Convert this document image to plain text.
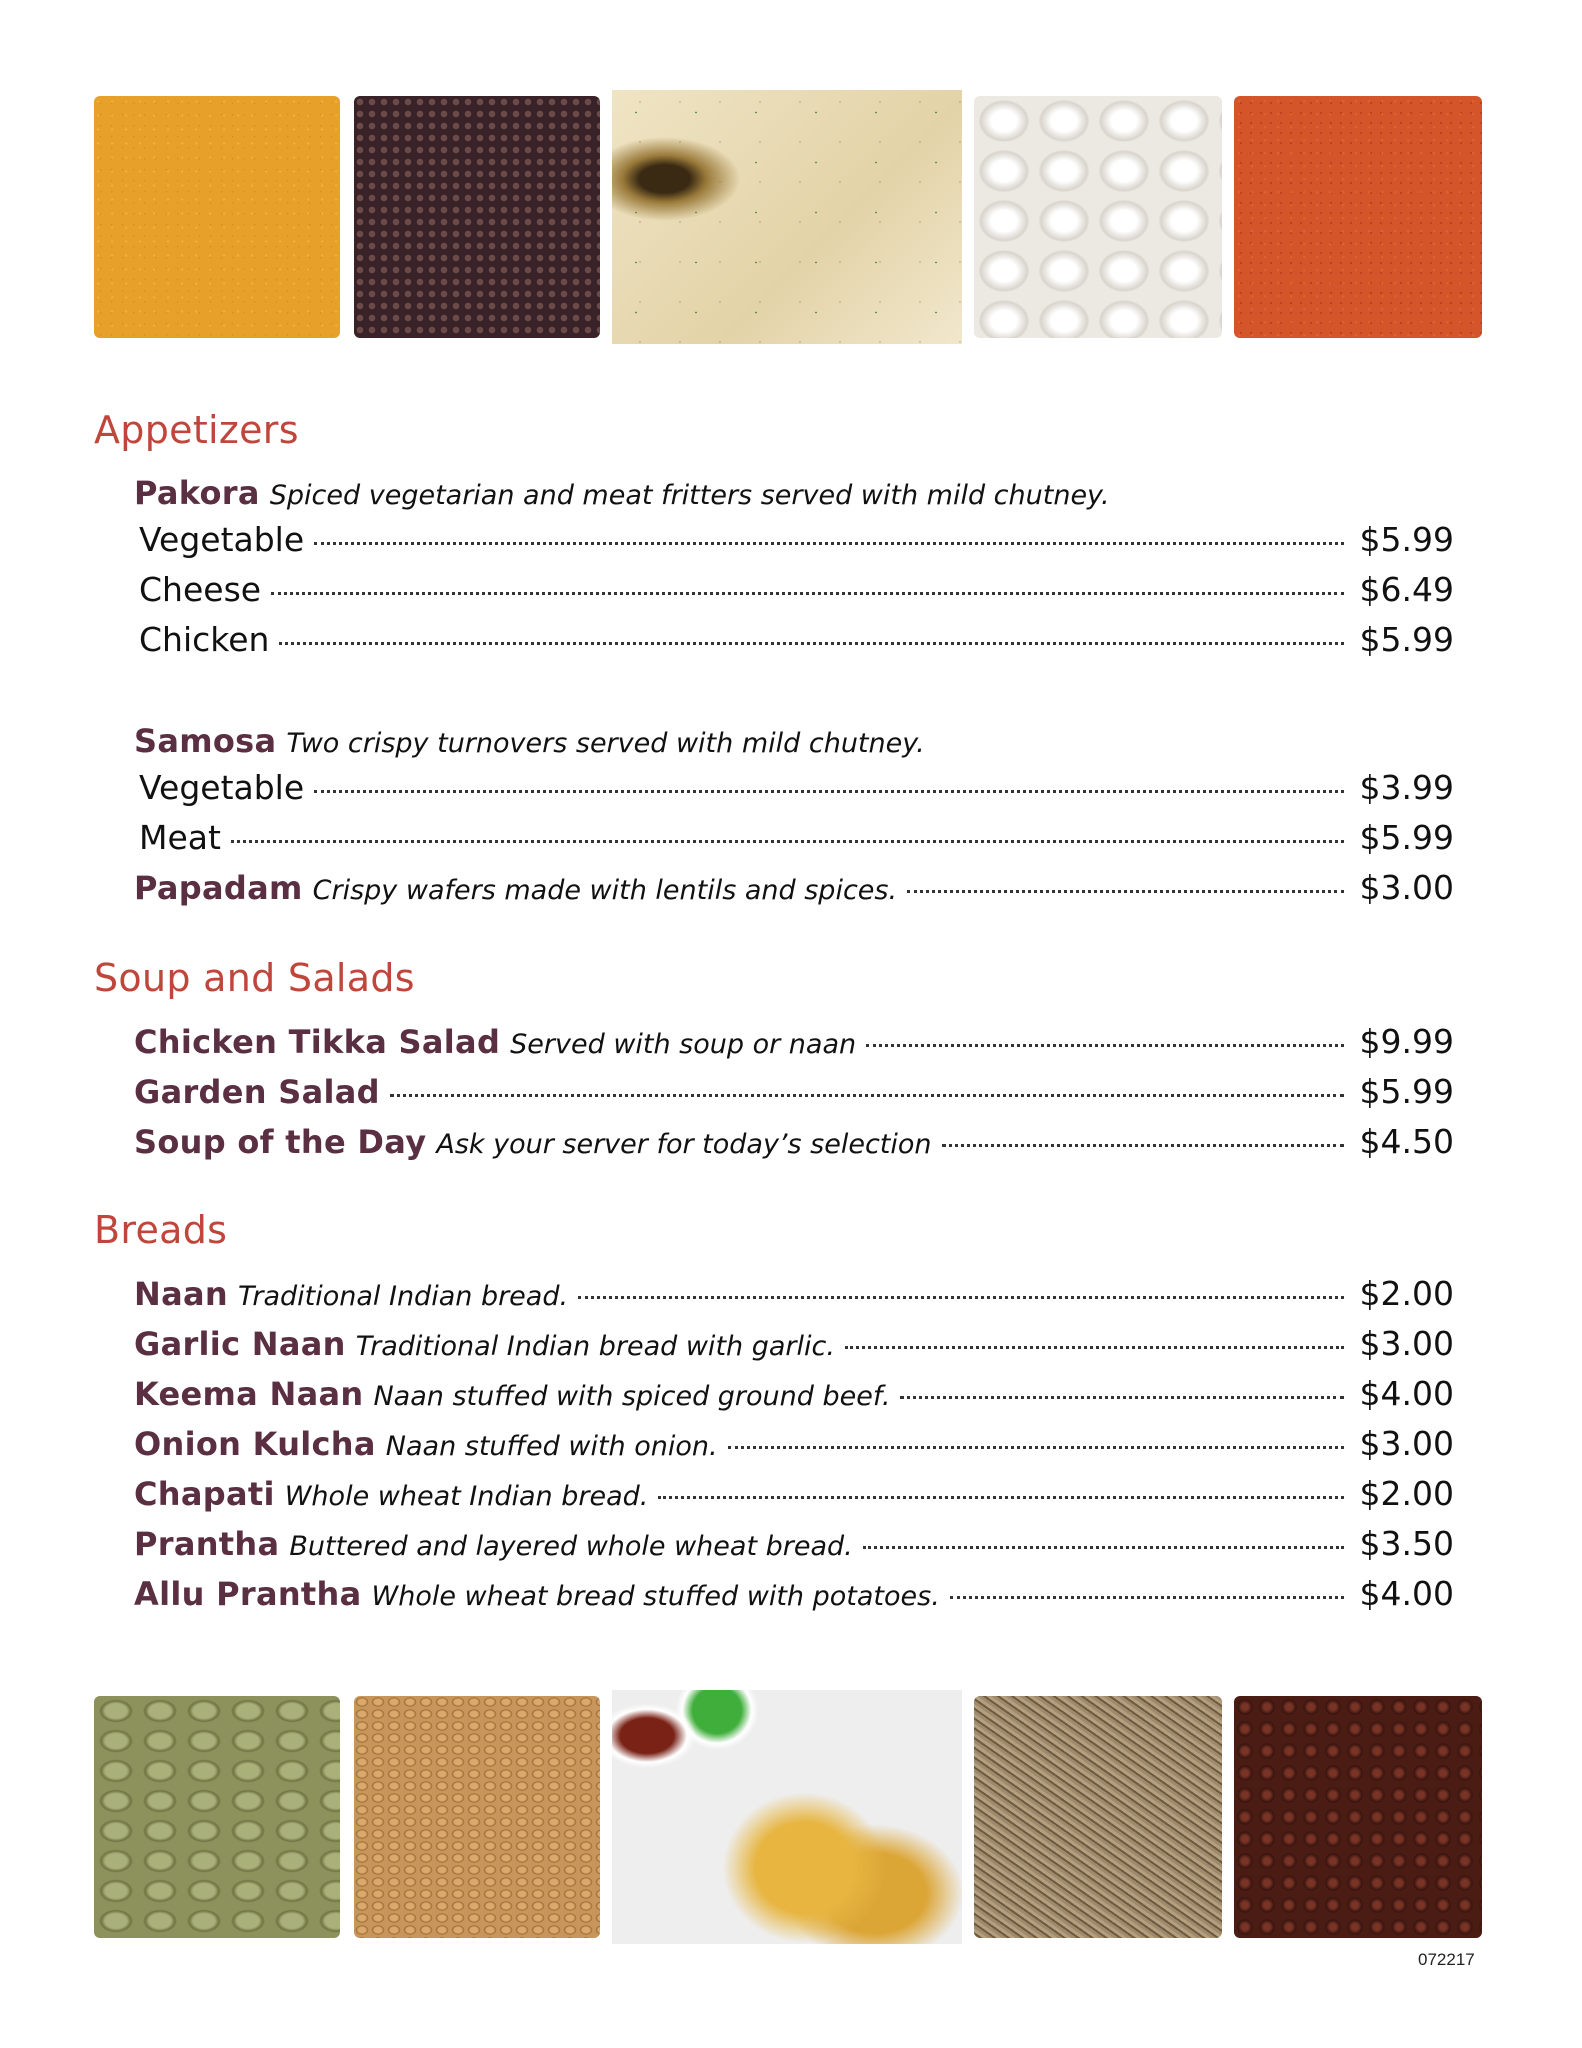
Appetizers
Pakora Spiced vegetarian and meat fritters served with mild chutney.
Vegetable	$5.99
Cheese	$6.49
Chicken	$5.99
Samosa Two crispy turnovers served with mild chutney.
Vegetable	$3.99
Meat	$5.99
Papadam Crispy wafers made with lentils and spices.	$3.00
Soup and Salads
Chicken Tikka Salad Served with soup or naan	$9.99
Garden Salad	$5.99
Soup of the Day Ask your server for today’s selection	$4.50
Breads
Naan Traditional Indian bread.	$2.00
Garlic Naan Traditional Indian bread with garlic.	$3.00
Keema Naan Naan stuffed with spiced ground beef.	$4.00
Onion Kulcha Naan stuffed with onion.	$3.00
Chapati Whole wheat Indian bread.	$2.00
Prantha Buttered and layered whole wheat bread.	$3.50
Allu Prantha Whole wheat bread stuffed with potatoes.	$4.00
072217
